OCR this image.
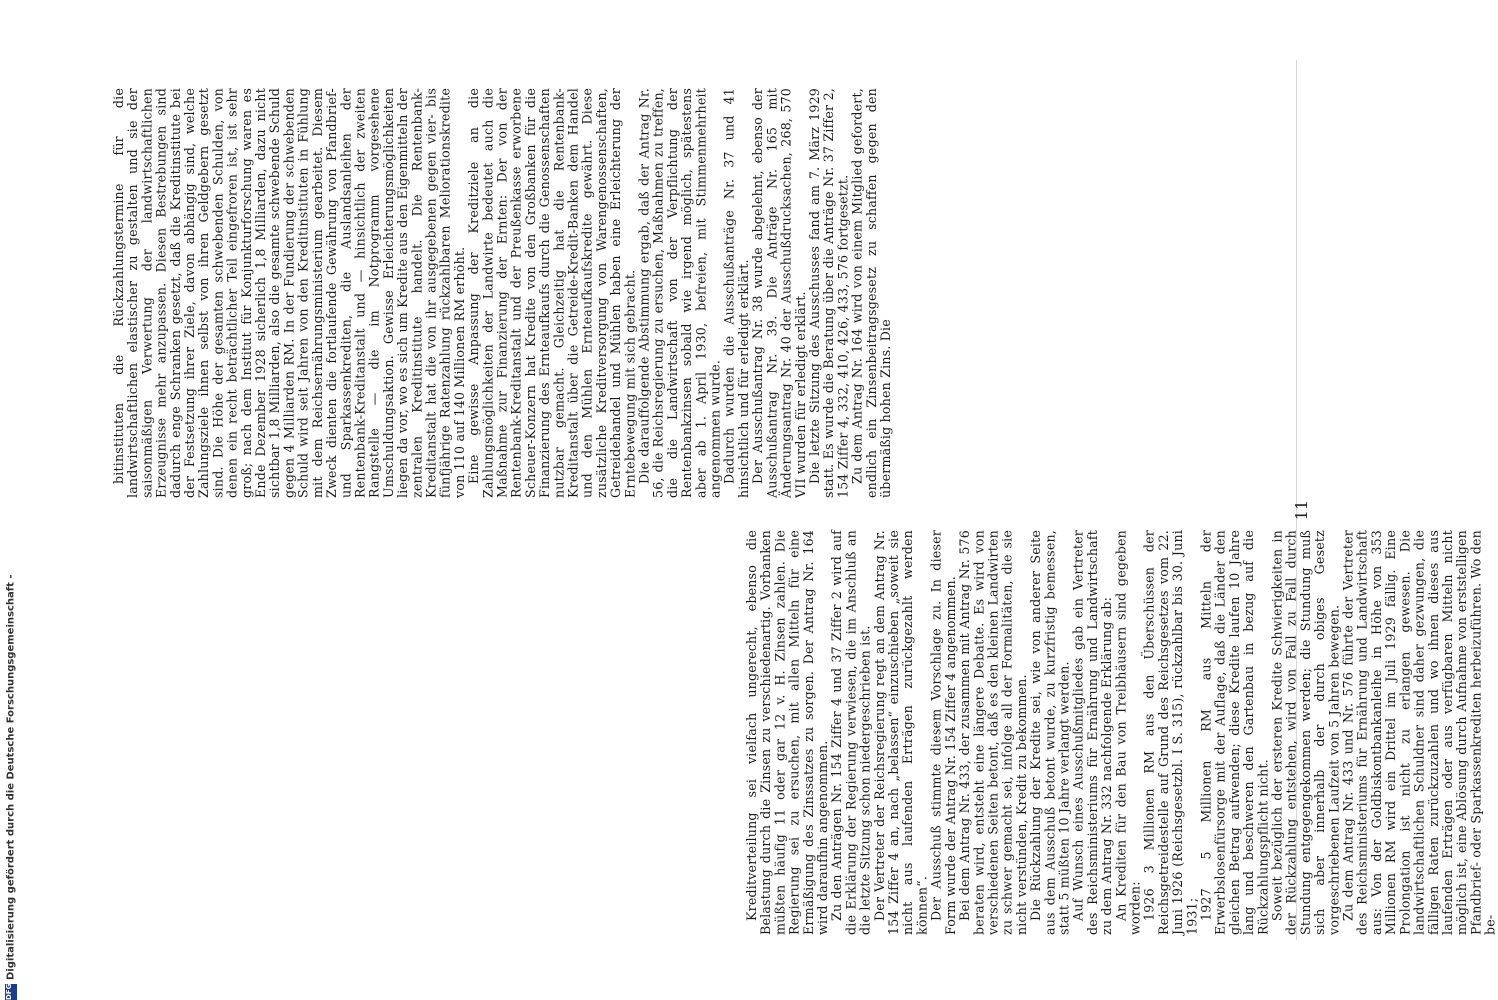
11

bitinstituten die Rückzahlungstermine für die landwirtschaftlichen elastischer zu gestalten und sie der saisonmäßigen Verwertung der landwirtschaftlichen Erzeugnisse mehr anzupassen. Diesen Bestrebungen sind dadurch enge Schranken gesetzt, daß die Kreditinstitute bei der Festsetzung ihrer Ziele, davon abhängig sind, welche Zahlungsziele ihnen selbst von ihren Geldgebern gesetzt sind. Die Höhe der gesamten schwebenden Schulden, von denen ein recht beträchtlicher Teil eingefroren ist, ist sehr groß; nach dem Institut für Konjunkturforschung waren es Ende Dezember 1928 sicherlich 1,8 Milliarden, dazu nicht sichtbar 1,8 Milliarden, also die gesamte schwebende Schuld gegen 4 Milliarden RM. In der Fundierung der schwebenden Schuld wird seit Jahren von den Kreditinstituten in Fühlung mit dem Reichsernährungsministerium gearbeitet. Diesem Zweck dienten die fortlaufende Gewährung von Pfandbrief- und Sparkassenkrediten, die Auslandsanleihen der Rentenbank-Kreditanstalt und — hinsichtlich der zweiten Rangstelle — die im Notprogramm vorgesehene Umschuldungsaktion. Gewisse Erleichterungsmöglichkeiten liegen da vor, wo es sich um Kredite aus den Eigenmitteln der zentralen Kreditinstitute handelt. Die Rentenbank-Kreditanstalt hat die von ihr ausgegebenen gegen vier- bis fünfjährige Ratenzahlung rückzahlbaren Meliorationskredite von 110 auf 140 Millionen RM erhöht. Eine gewisse Anpassung der Kreditziele an die Zahlungsmöglichkeiten der Landwirte bedeutet auch die Maßnahme zur Finanzierung der Ernten: Der von der Rentenbank-Kreditanstalt und der Preußenkasse erworbene Scheuer-Konzern hat Kredite von den Großbanken für die Finanzierung des Ernteaufkaufs durch die Genossenschaften nutzbar gemacht. Gleichzeitig hat die Rentenbank-Kreditanstalt über die Getreide-Kredit-Banken dem Handel und den Mühlen Ernteaufkaufskredite gewährt. Diese zusätzliche Kreditversorgung von Warengenossenschaften, Getreidehandel und Mühlen haben eine Erleichterung der Erntebewegung mit sich gebracht. Die darauffolgende Abstimmung ergab, daß der Antrag Nr. 56, die Reichsregierung zu ersuchen, Maßnahmen zu treffen, die die Landwirtschaft von der Verpflichtung der Rentenbankzinsen sobald wie irgend möglich, spätestens aber ab 1. April 1930, befreien, mit Stimmenmehrheit angenommen wurde. Dadurch wurden die Ausschußanträge Nr. 37 und 41 hinsichtlich und für erledigt erklärt. Der Ausschußantrag Nr. 38 wurde abgelehnt, ebenso der Ausschußantrag Nr. 39. Die Anträge Nr. 165 mit Änderungsantrag Nr. 40 der Ausschußdrucksachen, 268, 570 VII wurden für erledigt erklärt. Die letzte Sitzung des Ausschusses fand am 7. März 1929 statt. Es wurde die Beratung über die Anträge Nr. 37 Ziffer 2, 154 Ziffer 4, 332, 410, 426, 433, 576 fortgesetzt. Zu dem Antrag Nr. 164 wird von einem Mitglied gefordert, endlich ein Zinsenbeitragsgesetz zu schaffen gegen den übermäßig hohen Zins. Die

Kreditverteilung sei vielfach ungerecht, ebenso die Belastung durch die Zinsen zu verschiedenartig. Vorbanken müßten häufig 11 oder gar 12 v. H. Zinsen zahlen. Die Regierung sei zu ersuchen, mit allen Mitteln für eine Ermäßigung des Zinssatzes zu sorgen. Der Antrag Nr. 164 wird daraufhin angenommen. Zu den Anträgen Nr. 154 Ziffer 4 und 37 Ziffer 2 wird auf die Erklärung der Regierung verwiesen, die im Anschluß an die letzte Sitzung schon niedergeschrieben ist. Der Vertreter der Reichsregierung regt an dem Antrag Nr. 154 Ziffer 4 an, nach „belassen“ einzuschieben „soweit sie nicht aus laufenden Erträgen zurückgezahlt werden können“. Der Ausschuß stimmte diesem Vorschlage zu. In dieser Form wurde der Antrag Nr. 154 Ziffer 4 angenommen. Bei dem Antrag Nr. 433, der zusammen mit Antrag Nr. 576 beraten wird, entsteht eine längere Debatte. Es wird von verschiedenen Seiten betont, daß es den kleinen Landwirten zu schwer gemacht sei, infolge all der Formalitäten, die sie nicht verstünden, Kredit zu bekommen. Die Rückzahlung der Kredite sei, wie von anderer Seite aus dem Ausschuß betont wurde, zu kurzfristig bemessen, statt 5 müßten 10 Jahre verlangt werden. Auf Wunsch eines Ausschußmitgliedes gab ein Vertreter des Reichsministeriums für Ernährung und Landwirtschaft zu dem Antrag Nr. 332 nachfolgende Erklärung ab: An Krediten für den Bau von Treibhäusern sind gegeben worden: 1926 3 Millionen RM aus den Überschüssen der Reichsgetreidestelle auf Grund des Reichsgesetzes vom 22. Juni 1926 (Reichsgesetzbl. I S. 315), rückzahlbar bis 30. Juni 1931; 1927 5 Millionen RM aus Mitteln der Erwerbslosenfürsorge mit der Auflage, daß die Länder den gleichen Betrag aufwenden; diese Kredite laufen 10 Jahre lang und beschweren den Gartenbau in bezug auf die Rückzahlungspflicht nicht. Soweit bezüglich der ersteren Kredite Schwierigkeiten in der Rückzahlung entstehen, wird von Fall zu Fall durch Stundung entgegengekommen werden; die Stundung muß sich aber innerhalb der durch obiges Gesetz vorgeschriebenen Laufzeit von 5 Jahren bewegen. Zu dem Antrag Nr. 433 und Nr. 576 führte der Vertreter des Reichsministeriums für Ernährung und Landwirtschaft aus: Von der Goldbiskontbankanleihe in Höhe von 353 Millionen RM wird ein Drittel im Juli 1929 fällig. Eine Prolongation ist nicht zu erlangen gewesen. Die landwirtschaftlichen Schuldner sind daher gezwungen, die fälligen Raten zurückzuzahlen und wo ihnen dieses aus laufenden Erträgen oder aus verfügbaren Mitteln nicht möglich ist, eine Ablösung durch Aufnahme von erststelligen Pfandbrief- oder Sparkassenkrediten herbeizuführen. Wo den be-

DFG
Digitalisierung gefördert durch die Deutsche Forschungsgemeinschaft -
